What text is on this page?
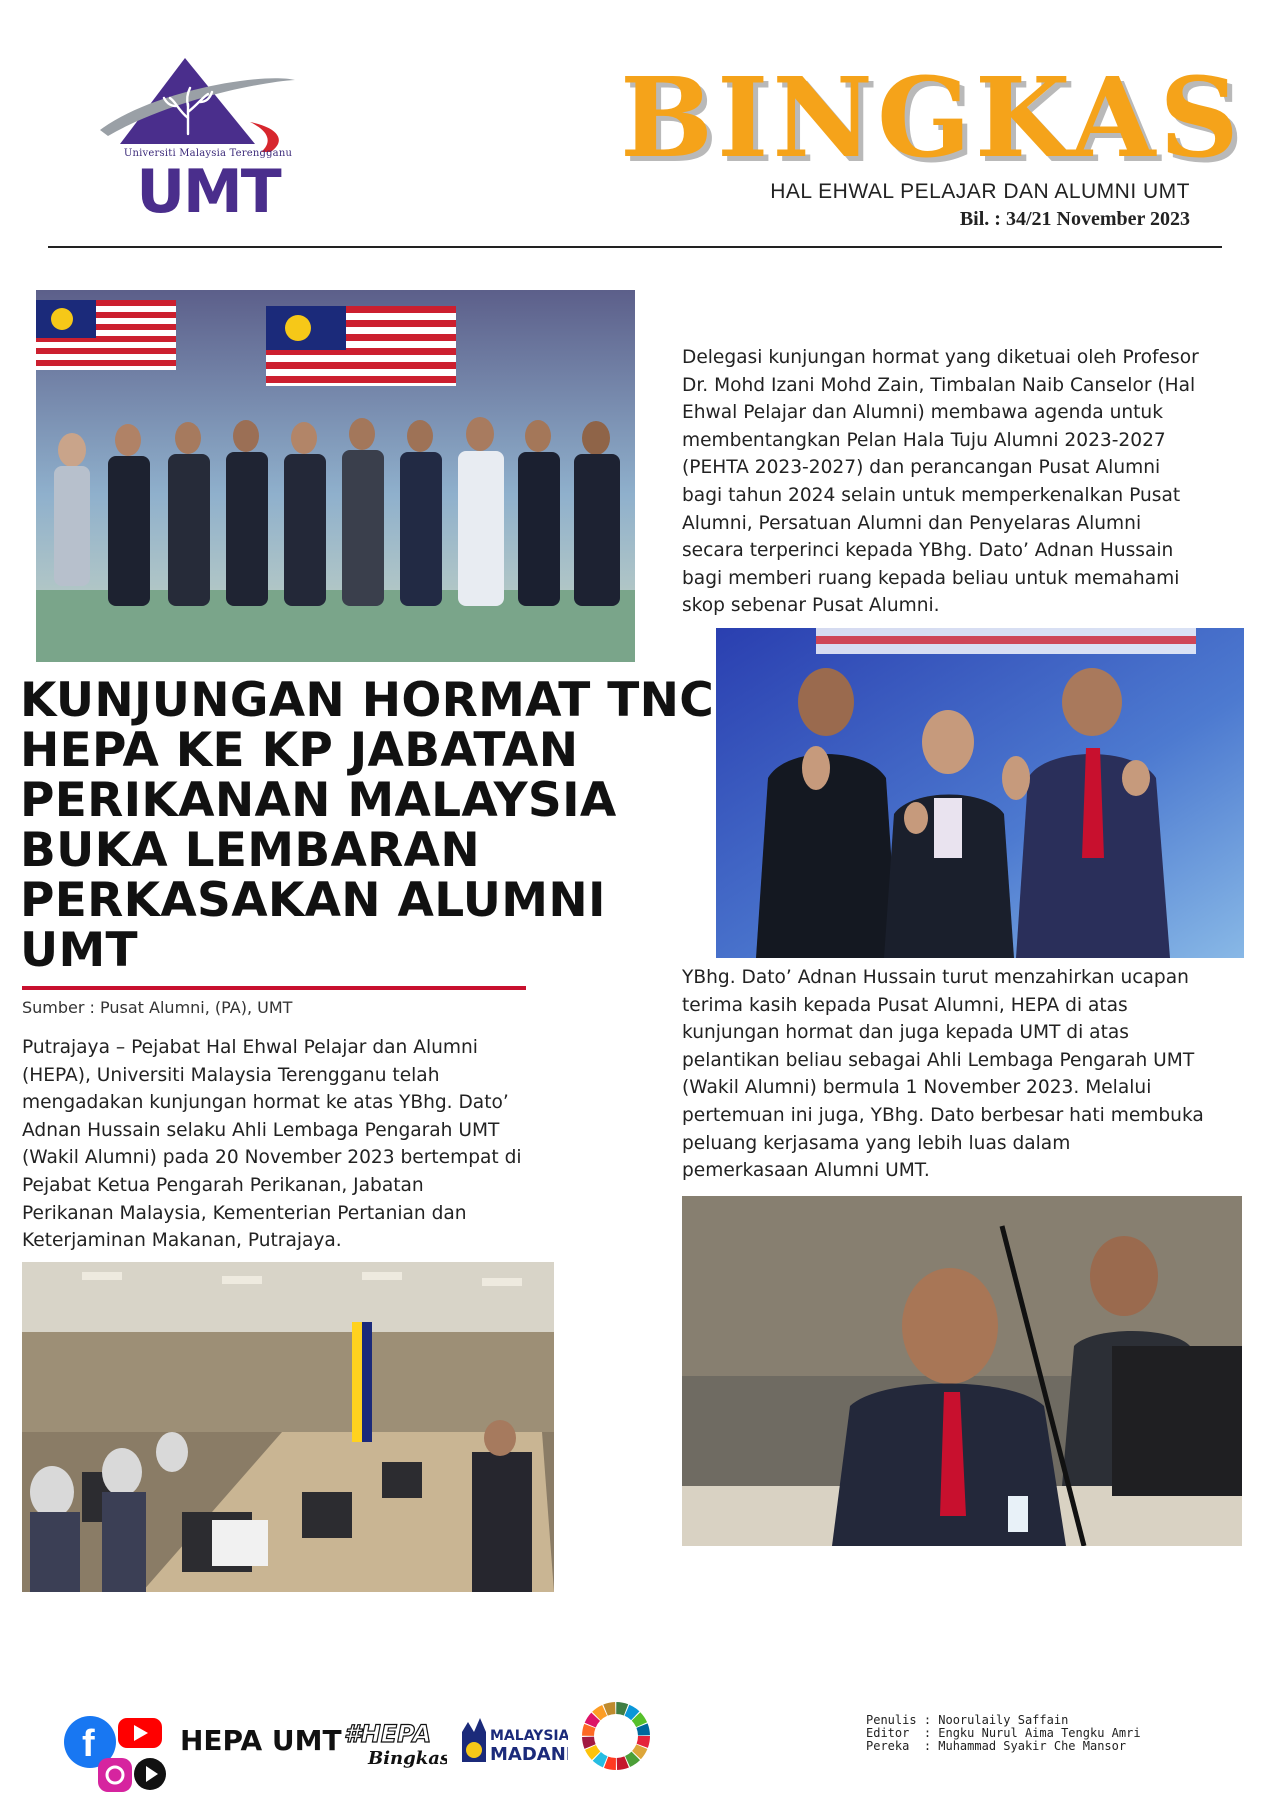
Universiti Malaysia Terengganu
UMT
BINGKAS
HAL EHWAL PELAJAR DAN ALUMNI UMT
Bil. : 34/21 November 2023
KUNJUNGAN HORMAT TNC HEPA KE KP JABATAN PERIKANAN MALAYSIA BUKA LEMBARAN PERKASAKAN ALUMNI UMT
Sumber : Pusat Alumni, (PA), UMT
Putrajaya – Pejabat Hal Ehwal Pelajar dan Alumni
(HEPA), Universiti Malaysia Terengganu telah
mengadakan kunjungan hormat ke atas YBhg. Dato’
Adnan Hussain selaku Ahli Lembaga Pengarah UMT
(Wakil Alumni) pada 20 November 2023 bertempat di
Pejabat Ketua Pengarah Perikanan, Jabatan
Perikanan Malaysia, Kementerian Pertanian dan
Keterjaminan Makanan, Putrajaya.
Delegasi kunjungan hormat yang diketuai oleh Profesor
Dr. Mohd Izani Mohd Zain, Timbalan Naib Canselor (Hal
Ehwal Pelajar dan Alumni) membawa agenda untuk
membentangkan Pelan Hala Tuju Alumni 2023-2027
(PEHTA 2023-2027) dan perancangan Pusat Alumni
bagi tahun 2024 selain untuk memperkenalkan Pusat
Alumni, Persatuan Alumni dan Penyelaras Alumni
secara terperinci kepada YBhg. Dato’ Adnan Hussain
bagi memberi ruang kepada beliau untuk memahami
skop sebenar Pusat Alumni.
YBhg. Dato’ Adnan Hussain turut menzahirkan ucapan
terima kasih kepada Pusat Alumni, HEPA di atas
kunjungan hormat dan juga kepada UMT di atas
pelantikan beliau sebagai Ahli Lembaga Pengarah UMT
(Wakil Alumni) bermula 1 November 2023. Melalui
pertemuan ini juga, YBhg. Dato berbesar hati membuka
peluang kerjasama yang lebih luas dalam
pemerkasaan Alumni UMT.
f	HEPA UMT #HEPA
Bingkas
MALAYSIA
MADANI
Penulis : Noorulaily Saffain
Editor  : Engku Nurul Aima Tengku Amri
Pereka  : Muhammad Syakir Che Mansor
